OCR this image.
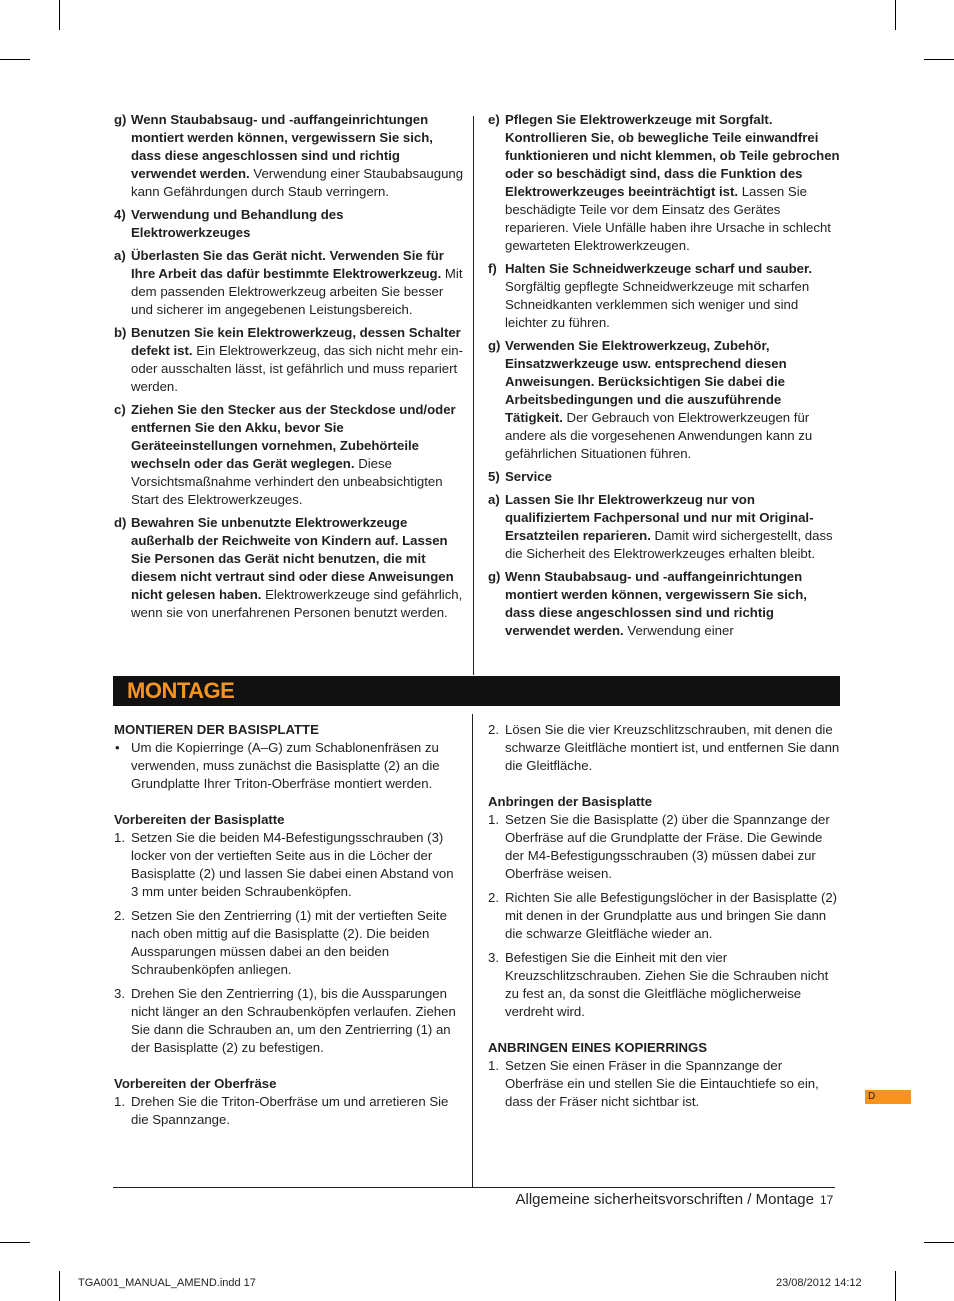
g) Wenn Staubabsaug- und -auffangeinrichtungen montiert werden können, vergewissern Sie sich, dass diese angeschlossen sind und richtig verwendet werden. Verwendung einer Staubabsaugung kann Gefährdungen durch Staub verringern.
4) Verwendung und Behandlung des Elektrowerkzeuges
a) Überlasten Sie das Gerät nicht. Verwenden Sie für Ihre Arbeit das dafür bestimmte Elektrowerkzeug. Mit dem passenden Elektrowerkzeug arbeiten Sie besser und sicherer im angegebenen Leistungsbereich.
b) Benutzen Sie kein Elektrowerkzeug, dessen Schalter defekt ist. Ein Elektrowerkzeug, das sich nicht mehr ein- oder ausschalten lässt, ist gefährlich und muss repariert werden.
c) Ziehen Sie den Stecker aus der Steckdose und/oder entfernen Sie den Akku, bevor Sie Geräteeinstellungen vornehmen, Zubehörteile wechseln oder das Gerät weglegen. Diese Vorsichtsmaßnahme verhindert den unbeabsichtigten Start des Elektrowerkzeuges.
d) Bewahren Sie unbenutzte Elektrowerkzeuge außerhalb der Reichweite von Kindern auf. Lassen Sie Personen das Gerät nicht benutzen, die mit diesem nicht vertraut sind oder diese Anweisungen nicht gelesen haben. Elektrowerkzeuge sind gefährlich, wenn sie von unerfahrenen Personen benutzt werden.
e) Pflegen Sie Elektrowerkzeuge mit Sorgfalt. Kontrollieren Sie, ob bewegliche Teile einwandfrei funktionieren und nicht klemmen, ob Teile gebrochen oder so beschädigt sind, dass die Funktion des Elektrowerkzeuges beeinträchtigt ist. Lassen Sie beschädigte Teile vor dem Einsatz des Gerätes reparieren. Viele Unfälle haben ihre Ursache in schlecht gewarteten Elektrowerkzeugen.
f) Halten Sie Schneidwerkzeuge scharf und sauber. Sorgfältig gepflegte Schneidwerkzeuge mit scharfen Schneidkanten verklemmen sich weniger und sind leichter zu führen.
g) Verwenden Sie Elektrowerkzeug, Zubehör, Einsatzwerkzeuge usw. entsprechend diesen Anweisungen. Berücksichtigen Sie dabei die Arbeitsbedingungen und die auszuführende Tätigkeit. Der Gebrauch von Elektrowerkzeugen für andere als die vorgesehenen Anwendungen kann zu gefährlichen Situationen führen.
5) Service
a) Lassen Sie Ihr Elektrowerkzeug nur von qualifiziertem Fachpersonal und nur mit Original-Ersatzteilen reparieren. Damit wird sichergestellt, dass die Sicherheit des Elektrowerkzeuges erhalten bleibt.
g) Wenn Staubabsaug- und -auffangeinrichtungen montiert werden können, vergewissern Sie sich, dass diese angeschlossen sind und richtig verwendet werden. Verwendung einer
MONTAGE

MONTIEREN DER BASISPLATTE

• Um die Kopierringe (A–G) zum Schablonenfräsen zu verwenden, muss zunächst die Basisplatte (2) an die Grundplatte Ihrer Triton-Oberfräse montiert werden.

Vorbereiten der Basisplatte

1. Setzen Sie die beiden M4-Befestigungsschrauben (3) locker von der vertieften Seite aus in die Löcher der Basisplatte (2) und lassen Sie dabei einen Abstand von 3 mm unter beiden Schraubenköpfen.
2. Setzen Sie den Zentrierring (1) mit der vertieften Seite nach oben mittig auf die Basisplatte (2). Die beiden Aussparungen müssen dabei an den beiden Schraubenköpfen anliegen.
3. Drehen Sie den Zentrierring (1), bis die Aussparungen nicht länger an den Schraubenköpfen verlaufen. Ziehen Sie dann die Schrauben an, um den Zentrierring (1) an der Basisplatte (2) zu befestigen.

Vorbereiten der Oberfräse

1. Drehen Sie die Triton-Oberfräse um und arretieren Sie die Spannzange.
2. Lösen Sie die vier Kreuzschlitzschrauben, mit denen die schwarze Gleitfläche montiert ist, und entfernen Sie dann die Gleitfläche.

Anbringen der Basisplatte

1. Setzen Sie die Basisplatte (2) über die Spannzange der Oberfräse auf die Grundplatte der Fräse. Die Gewinde der M4-Befestigungsschrauben (3) müssen dabei zur Oberfräse weisen.
2. Richten Sie alle Befestigungslöcher in der Basisplatte (2) mit denen in der Grundplatte aus und bringen Sie dann die schwarze Gleitfläche wieder an.
3. Befestigen Sie die Einheit mit den vier Kreuzschlitzschrauben. Ziehen Sie die Schrauben nicht zu fest an, da sonst die Gleitfläche möglicherweise verdreht wird.

ANBRINGEN EINES KOPIERRINGS

1. Setzen Sie einen Fräser in die Spannzange der Oberfräse ein und stellen Sie die Eintauchtiefe so ein, dass der Fräser nicht sichtbar ist.	D
Allgemeine sicherheitsvorschriften / Montage 17
TGA001_MANUAL_AMEND.indd 17	23/08/2012 14:12
